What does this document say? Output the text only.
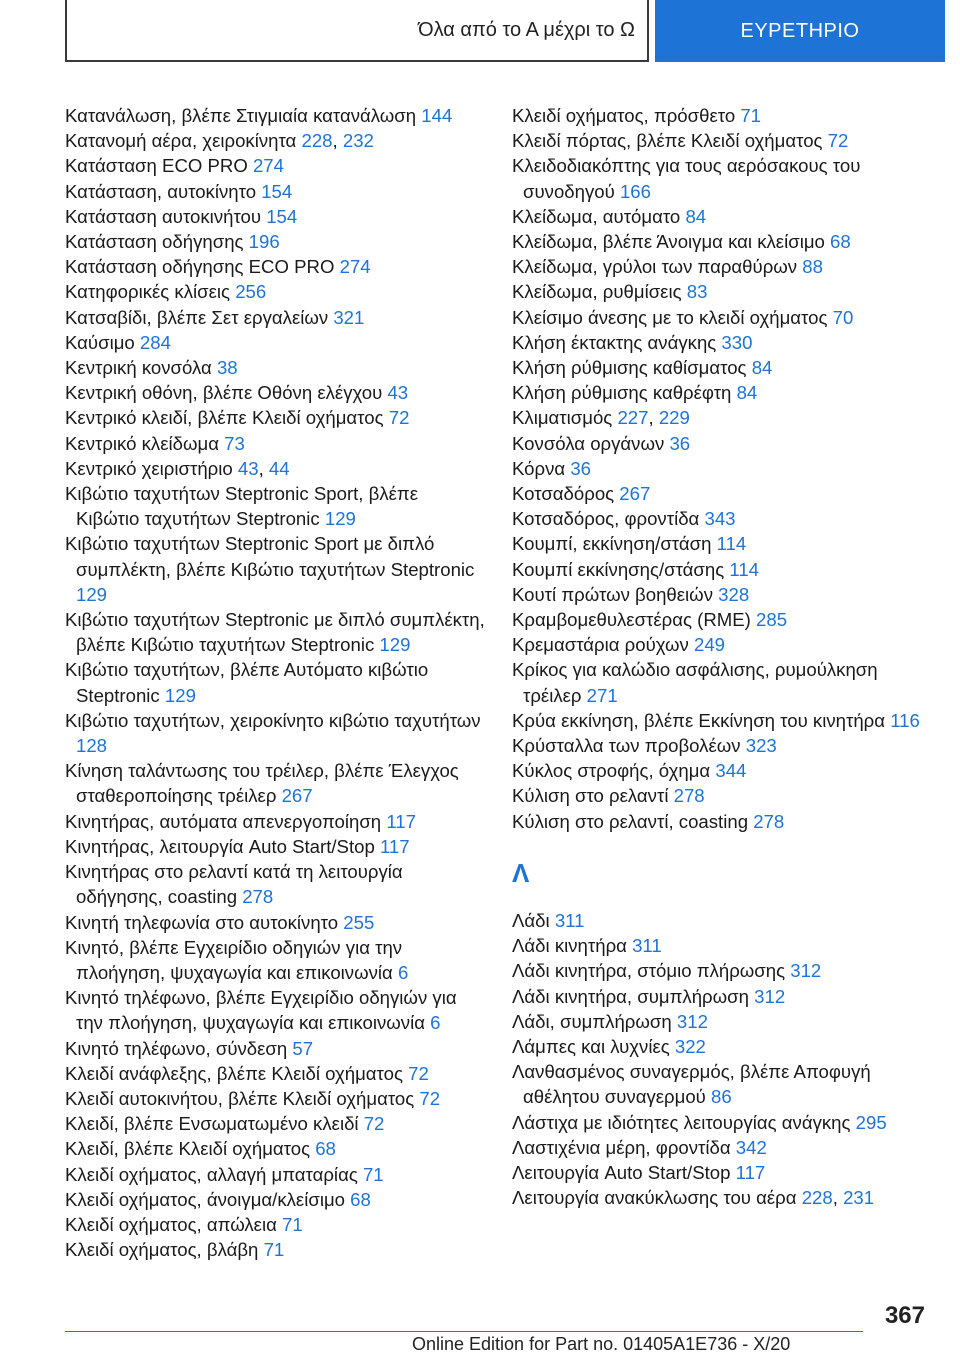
Όλα από το Α μέχρι το Ω	ΕΥΡΕΤΗΡΙΟ

Κατανάλωση, βλέπε Στιγμιαία κατανάλωση 144

Κατανομή αέρα, χειροκίνητα 228, 232

Κατάσταση ECO PRO 274

Κατάσταση, αυτοκίνητο 154

Κατάσταση αυτοκινήτου 154

Κατάσταση οδήγησης 196

Κατάσταση οδήγησης ECO PRO 274

Κατηφορικές κλίσεις 256

Κατσαβίδι, βλέπε Σετ εργαλείων 321

Καύσιμο 284

Κεντρική κονσόλα 38

Κεντρική οθόνη, βλέπε Οθόνη ελέγχου 43

Κεντρικό κλειδί, βλέπε Κλειδί οχήματος 72

Κεντρικό κλείδωμα 73

Κεντρικό χειριστήριο 43, 44

Κιβώτιο ταχυτήτων Steptronic Sport, βλέπε Κιβώτιο ταχυτήτων Steptronic 129

Κιβώτιο ταχυτήτων Steptronic Sport με διπλό συμπλέκτη, βλέπε Κιβώτιο ταχυτήτων Steptronic 129

Κιβώτιο ταχυτήτων Steptronic με διπλό συμπλέκτη, βλέπε Κιβώτιο ταχυτήτων Steptronic 129

Κιβώτιο ταχυτήτων, βλέπε Αυτόματο κιβώτιο Steptronic 129

Κιβώτιο ταχυτήτων, χειροκίνητο κιβώτιο ταχυτήτων 128

Κίνηση ταλάντωσης του τρέιλερ, βλέπε Έλεγχος σταθεροποίησης τρέιλερ 267

Κινητήρας, αυτόματα απενεργοποίηση 117

Κινητήρας, λειτουργία Auto Start/Stop 117

Κινητήρας στο ρελαντί κατά τη λειτουργία οδήγησης, coasting 278

Κινητή τηλεφωνία στο αυτοκίνητο 255

Κινητό, βλέπε Εγχειρίδιο οδηγιών για την πλοήγηση, ψυχαγωγία και επικοινωνία 6

Κινητό τηλέφωνο, βλέπε Εγχειρίδιο οδηγιών για την πλοήγηση, ψυχαγωγία και επικοινωνία 6

Κινητό τηλέφωνο, σύνδεση 57

Κλειδί ανάφλεξης, βλέπε Κλειδί οχήματος 72

Κλειδί αυτοκινήτου, βλέπε Κλειδί οχήματος 72

Κλειδί, βλέπε Ενσωματωμένο κλειδί 72

Κλειδί, βλέπε Κλειδί οχήματος 68

Κλειδί οχήματος, αλλαγή μπαταρίας 71

Κλειδί οχήματος, άνοιγμα/κλείσιμο 68

Κλειδί οχήματος, απώλεια 71

Κλειδί οχήματος, βλάβη 71

Κλειδί οχήματος, πρόσθετο 71

Κλειδί πόρτας, βλέπε Κλειδί οχήματος 72

Κλειδοδιακόπτης για τους αερόσακους του συνοδηγού 166

Κλείδωμα, αυτόματο 84

Κλείδωμα, βλέπε Άνοιγμα και κλείσιμο 68

Κλείδωμα, γρύλοι των παραθύρων 88

Κλείδωμα, ρυθμίσεις 83

Κλείσιμο άνεσης με το κλειδί οχήματος 70

Κλήση έκτακτης ανάγκης 330

Κλήση ρύθμισης καθίσματος 84

Κλήση ρύθμισης καθρέφτη 84

Κλιματισμός 227, 229

Κονσόλα οργάνων 36

Κόρνα 36

Κοτσαδόρος 267

Κοτσαδόρος, φροντίδα 343

Κουμπί, εκκίνηση/στάση 114

Κουμπί εκκίνησης/στάσης 114

Κουτί πρώτων βοηθειών 328

Κραμβομεθυλεστέρας (RME) 285

Κρεμαστάρια ρούχων 249

Κρίκος για καλώδιο ασφάλισης, ρυμούλκηση τρέιλερ 271

Κρύα εκκίνηση, βλέπε Εκκίνηση του κινητήρα 116

Κρύσταλλα των προβολέων 323

Κύκλος στροφής, όχημα 344

Κύλιση στο ρελαντί 278

Κύλιση στο ρελαντί, coasting 278

Λ

Λάδι 311

Λάδι κινητήρα 311

Λάδι κινητήρα, στόμιο πλήρωσης 312

Λάδι κινητήρα, συμπλήρωση 312

Λάδι, συμπλήρωση 312

Λάμπες και λυχνίες 322

Λανθασμένος συναγερμός, βλέπε Αποφυγή αθέλητου συναγερμού 86

Λάστιχα με ιδιότητες λειτουργίας ανάγκης 295

Λαστιχένια μέρη, φροντίδα 342

Λειτουργία Auto Start/Stop 117

Λειτουργία ανακύκλωσης του αέρα 228, 231

367
Online Edition for Part no. 01405A1E736 - X/20
